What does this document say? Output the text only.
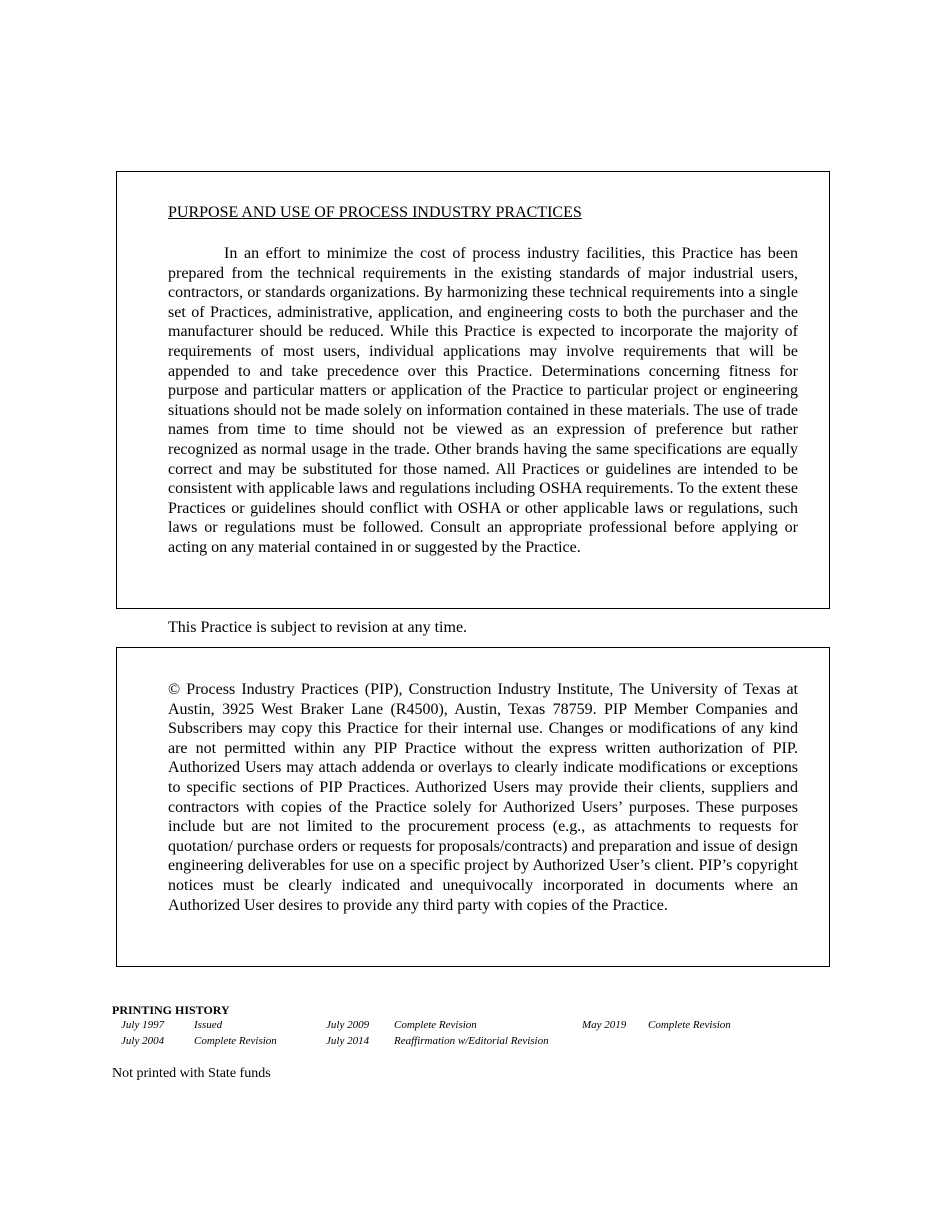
PURPOSE AND USE OF PROCESS INDUSTRY PRACTICES

In an effort to minimize the cost of process industry facilities, this Practice has been prepared from the technical requirements in the existing standards of major industrial users, contractors, or standards organizations. By harmonizing these technical requirements into a single set of Practices, administrative, application, and engineering costs to both the purchaser and the manufacturer should be reduced. While this Practice is expected to incorporate the majority of requirements of most users, individual applications may involve requirements that will be appended to and take precedence over this Practice. Determinations concerning fitness for purpose and particular matters or application of the Practice to particular project or engineering situations should not be made solely on information contained in these materials. The use of trade names from time to time should not be viewed as an expression of preference but rather recognized as normal usage in the trade. Other brands having the same specifications are equally correct and may be substituted for those named. All Practices or guidelines are intended to be consistent with applicable laws and regulations including OSHA requirements. To the extent these Practices or guidelines should conflict with OSHA or other applicable laws or regulations, such laws or regulations must be followed. Consult an appropriate professional before applying or acting on any material contained in or suggested by the Practice.

This Practice is subject to revision at any time.

© Process Industry Practices (PIP), Construction Industry Institute, The University of Texas at Austin, 3925 West Braker Lane (R4500), Austin, Texas 78759. PIP Member Companies and Subscribers may copy this Practice for their internal use. Changes or modifications of any kind are not permitted within any PIP Practice without the express written authorization of PIP. Authorized Users may attach addenda or overlays to clearly indicate modifications or exceptions to specific sections of PIP Practices. Authorized Users may provide their clients, suppliers and contractors with copies of the Practice solely for Authorized Users’ purposes. These purposes include but are not limited to the procurement process (e.g., as attachments to requests for quotation/ purchase orders or requests for proposals/contracts) and preparation and issue of design engineering deliverables for use on a specific project by Authorized User’s client. PIP’s copyright notices must be clearly indicated and unequivocally incorporated in documents where an Authorized User desires to provide any third party with copies of the Practice.

PRINTING HISTORY
July 1997	Issued
July 2004	Complete Revision
July 2009 Complete Revision
July 2014 Reaffirmation w/Editorial Revision
May 2019 Complete Revision
Not printed with State funds
